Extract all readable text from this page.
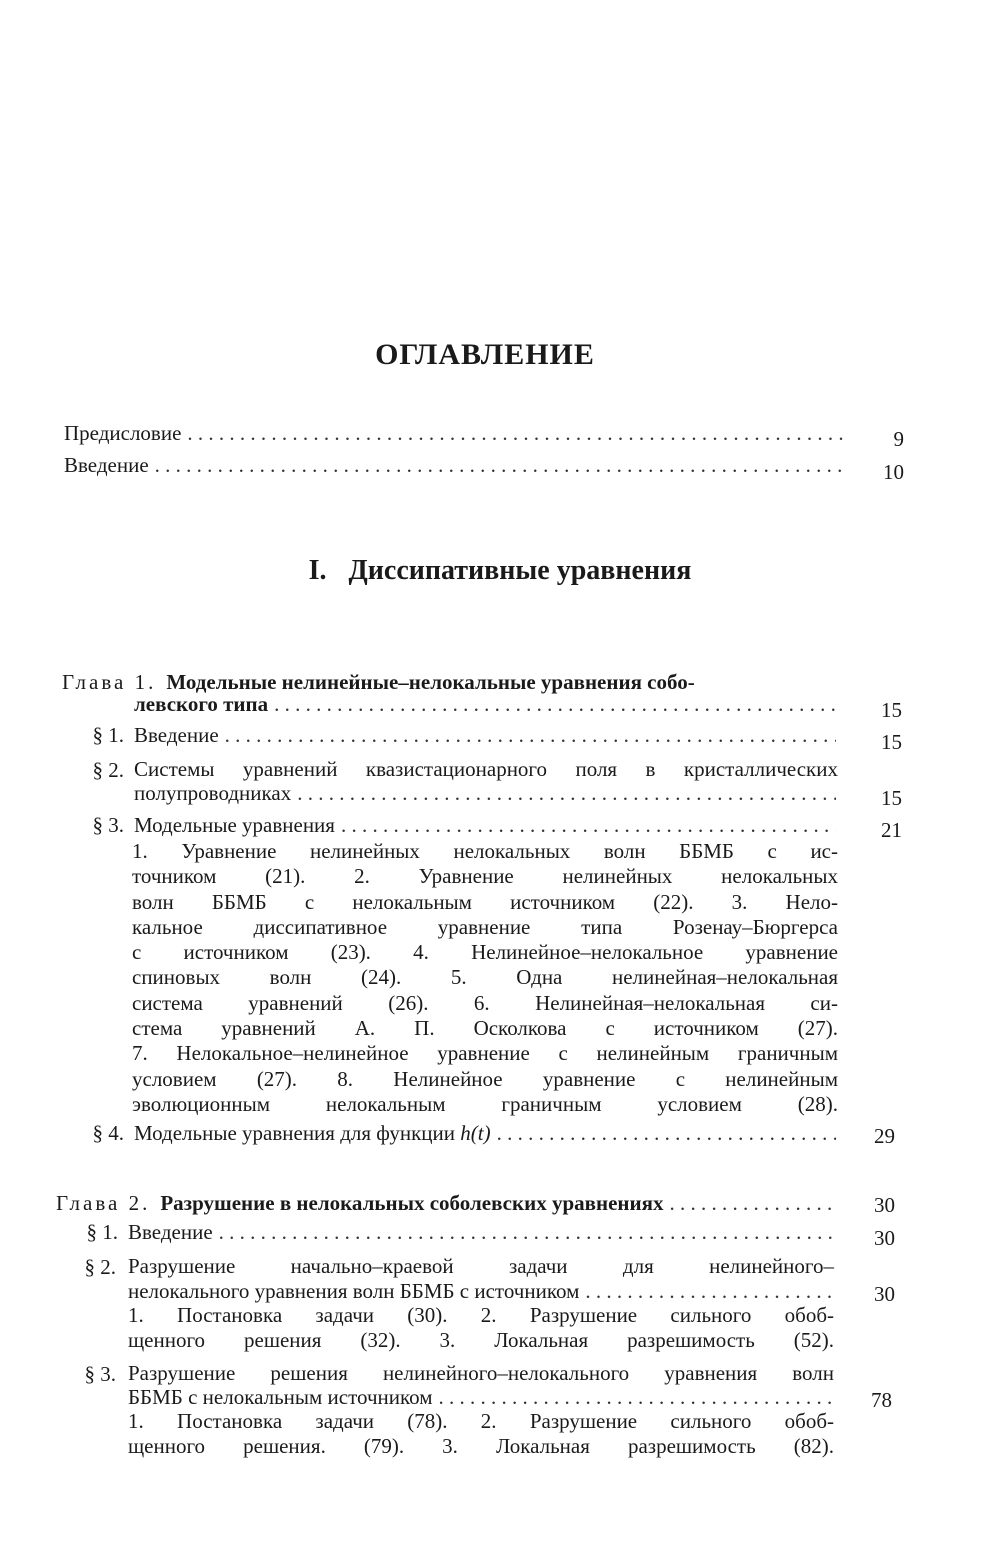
ОГЛАВЛЕНИЕ
Предисловие . . .	9
Введение . . .	10
I. Диссипативные уравнения
Глава 1. Модельные нелинейные–нелокальные уравнения собо-
левского типа . . .	15
§ 1. Введение . . .	15
§ 2. Системы уравнений квазистационарного поля в кристаллических
полупроводниках . . .	15
§ 3. Модельные уравнения . . .	21
1. Уравнение нелинейных нелокальных волн ББМБ с ис-
точником (21). 2. Уравнение нелинейных нелокальных
волн ББМБ с нелокальным источником (22). 3. Нело-
кальное диссипативное уравнение типа Розенау–Бюргерса
с источником (23). 4. Нелинейное–нелокальное уравнение
спиновых волн (24). 5. Одна нелинейная–нелокальная
система уравнений (26). 6. Нелинейная–нелокальная си-
стема уравнений А. П. Осколкова с источником (27).
7. Нелокальное–нелинейное уравнение с нелинейным граничным
условием (27). 8. Нелинейное уравнение с нелинейным
эволюционным нелокальным граничным условием (28).
§ 4. Модельные уравнения для функции h(t) . . .	29
Глава 2. Разрушение в нелокальных соболевских уравнениях . . .	30
§ 1. Введение . . .	30
§ 2. Разрушение начально–краевой задачи для нелинейного–
нелокального уравнения волн ББМБ с источником . . .	30
1. Постановка задачи (30). 2. Разрушение сильного обоб-
щенного решения (32). 3. Локальная разрешимость (52).
§ 3. Разрушение решения нелинейного–нелокального уравнения волн
ББМБ с нелокальным источником . . .	78
1. Постановка задачи (78). 2. Разрушение сильного обоб-
щенного решения. (79). 3. Локальная разрешимость (82).
